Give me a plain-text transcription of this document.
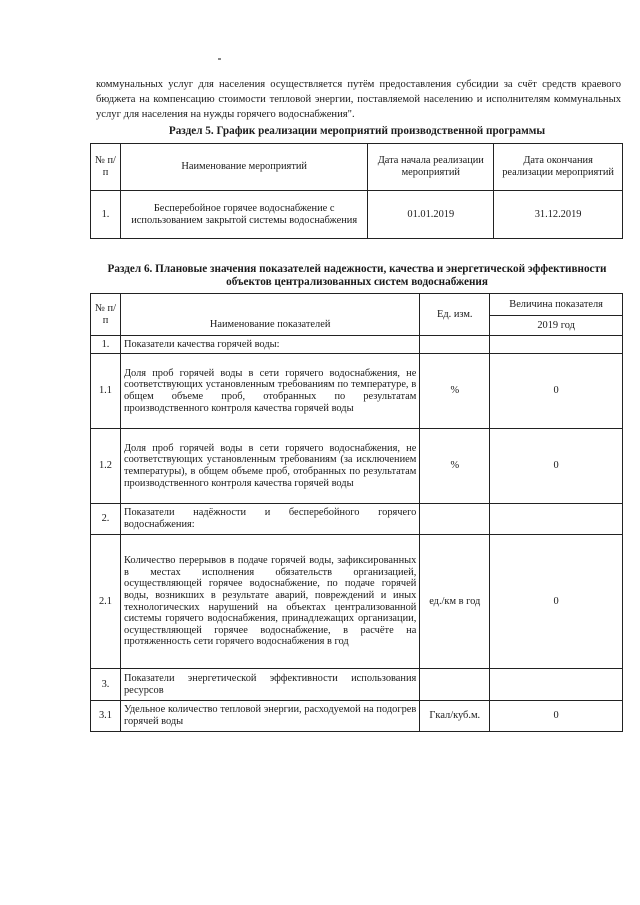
коммунальных услуг для населения осуществляется путём предоставления субсидии за счёт средств краевого бюджета на компенсацию стоимости тепловой энергии, поставляемой населению и исполнителям коммунальных услуг для населения на нужды горячего водоснабжения".

Раздел 5. График реализации мероприятий производственной программы
№ п/п	Наименование мероприятий	Дата начала реализации мероприятий	Дата окончания реализации мероприятий
1.	Бесперебойное горячее водоснабжение с использованием закрытой системы водоснабжения	01.01.2019	31.12.2019
Раздел 6. Плановые значения показателей надежности, качества и энергетической эффективности объектов централизованных систем водоснабжения
№ п/п	Наименование показателей	Ед. изм.	Величина показателя
			2019 год
1.	Показатели качества горячей воды:		
1.1	Доля проб горячей воды в сети горячего водоснабжения, не соответствующих установленным требованиям по температуре, в общем объеме проб, отобранных по результатам производственного контроля качества горячей воды	%	0
1.2	Доля проб горячей воды в сети горячего водоснабжения, не соответствующих установленным требованиям (за исключением температуры), в общем объеме проб, отобранных по результатам производственного контроля качества горячей воды	%	0
2.	Показатели надёжности и бесперебойного горячего водоснабжения:		
2.1	Количество перерывов в подаче горячей воды, зафиксированных в местах исполнения обязательств организацией, осуществляющей горячее водоснабжение, по подаче горячей воды, возникших в результате аварий, повреждений и иных технологических нарушений на объектах централизованной системы горячего водоснабжения, принадлежащих организации, осуществляющей горячее водоснабжение, в расчёте на протяженность сети горячего водоснабжения в год	ед./км в год	0
3.	Показатели энергетической эффективности использования ресурсов		
3.1	Удельное количество тепловой энергии, расходуемой на подогрев горячей воды	Гкал/куб.м.	0
